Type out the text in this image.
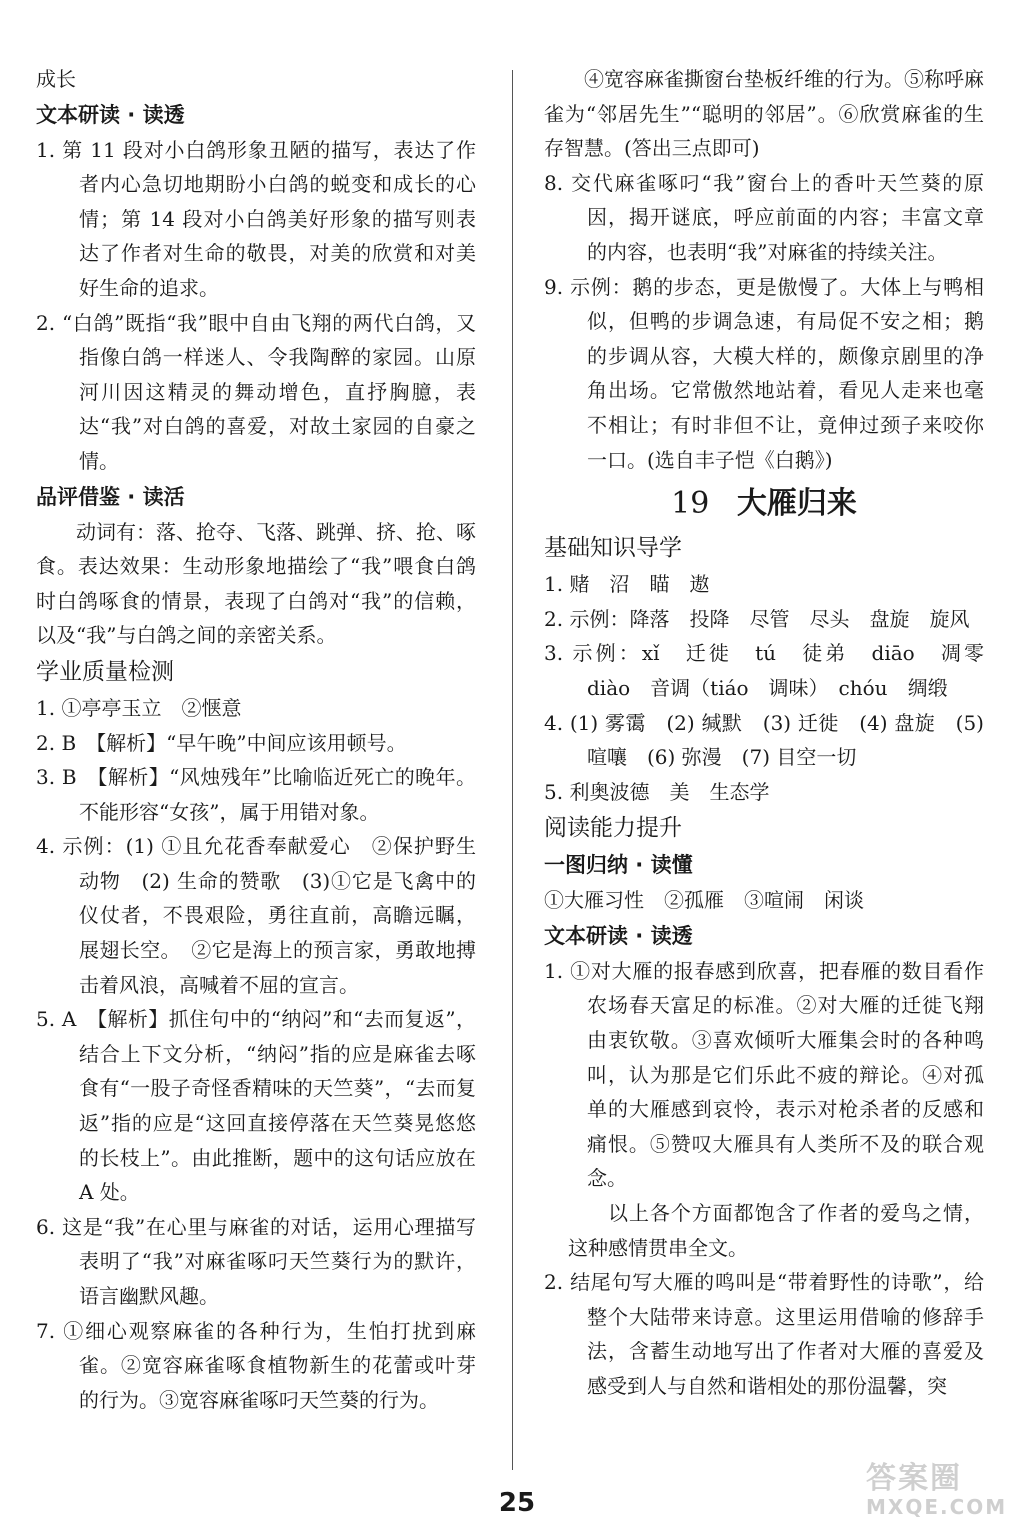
成长

文本研读 · 读透

1. 第 11 段对小白鸽形象丑陋的描写，表达了作者内心急切地期盼小白鸽的蜕变和成长的心情；第 14 段对小白鸽美好形象的描写则表达了作者对生命的敬畏，对美的欣赏和对美好生命的追求。

2. “白鸽”既指“我”眼中自由飞翔的两代白鸽，又指像白鸽一样迷人、令我陶醉的家园。山原河川因这精灵的舞动增色，直抒胸臆，表达“我”对白鸽的喜爱，对故土家园的自豪之情。

品评借鉴 · 读活

动词有：落、抢夺、飞落、跳弹、挤、抢、啄食。表达效果：生动形象地描绘了“我”喂食白鸽时白鸽啄食的情景，表现了白鸽对“我”的信赖，以及“我”与白鸽之间的亲密关系。

学业质量检测

1. ①亭亭玉立　②惬意

2. B　【解析】“早午晚”中间应该用顿号。

3. B　【解析】“风烛残年”比喻临近死亡的晚年。不能形容“女孩”，属于用错对象。

4. 示例：(1) ①且允花香奉献爱心　②保护野生动物　(2) 生命的赞歌　(3)①它是飞禽中的仪仗者，不畏艰险，勇往直前，高瞻远瞩，展翅长空。　②它是海上的预言家，勇敢地搏击着风浪，高喊着不屈的宣言。

5. A　【解析】抓住句中的“纳闷”和“去而复返”，结合上下文分析，“纳闷”指的应是麻雀去啄食有“一股子奇怪香精味的天竺葵”，“去而复返”指的应是“这回直接停落在天竺葵晃悠悠的长枝上”。由此推断，题中的这句话应放在 A 处。

6. 这是“我”在心里与麻雀的对话，运用心理描写表明了“我”对麻雀啄叼天竺葵行为的默许，语言幽默风趣。

7. ①细心观察麻雀的各种行为，生怕打扰到麻雀。②宽容麻雀啄食植物新生的花蕾或叶芽的行为。③宽容麻雀啄叼天竺葵的行为。

④宽容麻雀撕窗台垫板纤维的行为。⑤称呼麻雀为“邻居先生”“聪明的邻居”。⑥欣赏麻雀的生存智慧。(答出三点即可)

8. 交代麻雀啄叼“我”窗台上的香叶天竺葵的原因，揭开谜底，呼应前面的内容；丰富文章的内容，也表明“我”对麻雀的持续关注。

9. 示例：鹅的步态，更是傲慢了。大体上与鸭相似，但鸭的步调急速，有局促不安之相；鹅的步调从容，大模大样的，颇像京剧里的净角出场。它常傲然地站着，看见人走来也毫不相让；有时非但不让，竟伸过颈子来咬你一口。(选自丰子恺《白鹅》)

19 大雁归来

基础知识导学

1. 赌　沼　瞄　遨

2. 示例：降落　投降　尽管　尽头　盘旋　旋风

3. 示例：xǐ　迁徙　tú　徒弟　diāo　凋零　diào　音调（tiáo　调味）　chóu　绸缎

4. (1) 雾霭　(2) 缄默　(3) 迁徙　(4) 盘旋　(5) 喧嚷　(6) 弥漫　(7) 目空一切

5. 利奥波德　美　生态学

阅读能力提升

一图归纳 · 读懂

①大雁习性　②孤雁　③喧闹　闲谈

文本研读 · 读透

1. ①对大雁的报春感到欣喜，把春雁的数目看作农场春天富足的标准。②对大雁的迁徙飞翔由衷钦敬。③喜欢倾听大雁集会时的各种鸣叫，认为那是它们乐此不疲的辩论。④对孤单的大雁感到哀怜，表示对枪杀者的反感和痛恨。⑤赞叹大雁具有人类所不及的联合观念。

以上各个方面都饱含了作者的爱鸟之情，这种感情贯串全文。

2. 结尾句写大雁的鸣叫是“带着野性的诗歌”，给整个大陆带来诗意。这里运用借喻的修辞手法，含蓄生动地写出了作者对大雁的喜爱及感受到人与自然和谐相处的那份温馨，突

25
答案圈
MXQE.COM
